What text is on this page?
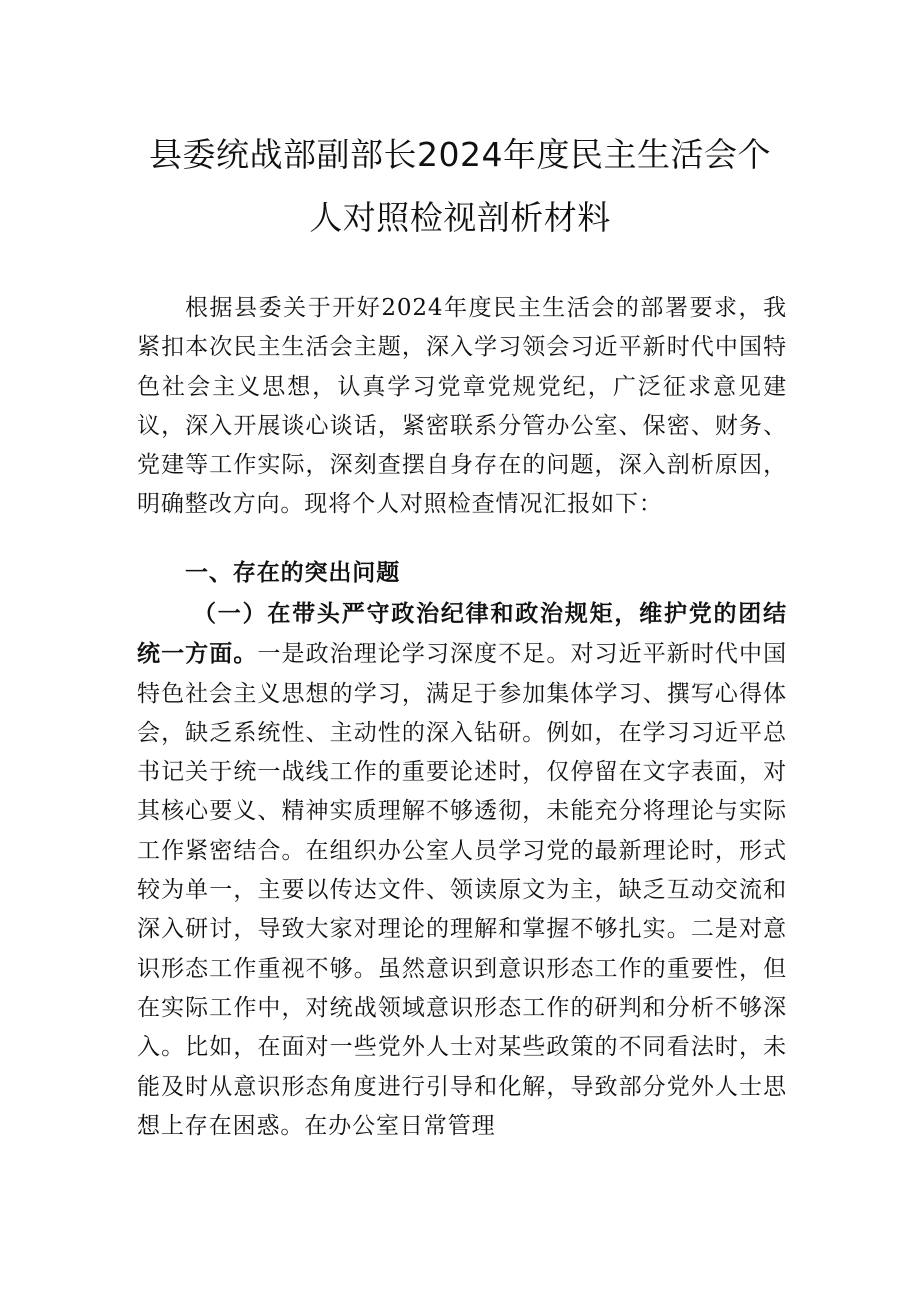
县委统战部副部长2024年度民主生活会个
人对照检视剖析材料

根据县委关于开好2024年度民主生活会的部署要求，我紧扣本次民主生活会主题，深入学习领会习近平新时代中国特色社会主义思想，认真学习党章党规党纪，广泛征求意见建议，深入开展谈心谈话，紧密联系分管办公室、保密、财务、党建等工作实际，深刻查摆自身存在的问题，深入剖析原因，明确整改方向。现将个人对照检查情况汇报如下：

一、存在的突出问题

（一）在带头严守政治纪律和政治规矩，维护党的团结统一方面。一是政治理论学习深度不足。对习近平新时代中国特色社会主义思想的学习，满足于参加集体学习、撰写心得体会，缺乏系统性、主动性的深入钻研。例如，在学习习近平总书记关于统一战线工作的重要论述时，仅停留在文字表面，对其核心要义、精神实质理解不够透彻，未能充分将理论与实际工作紧密结合。在组织办公室人员学习党的最新理论时，形式较为单一，主要以传达文件、领读原文为主，缺乏互动交流和深入研讨，导致大家对理论的理解和掌握不够扎实。二是对意识形态工作重视不够。虽然意识到意识形态工作的重要性，但在实际工作中，对统战领域意识形态工作的研判和分析不够深入。比如，在面对一些党外人士对某些政策的不同看法时，未能及时从意识形态角度进行引导和化解，导致部分党外人士思想上存在困惑。在办公室日常管理
